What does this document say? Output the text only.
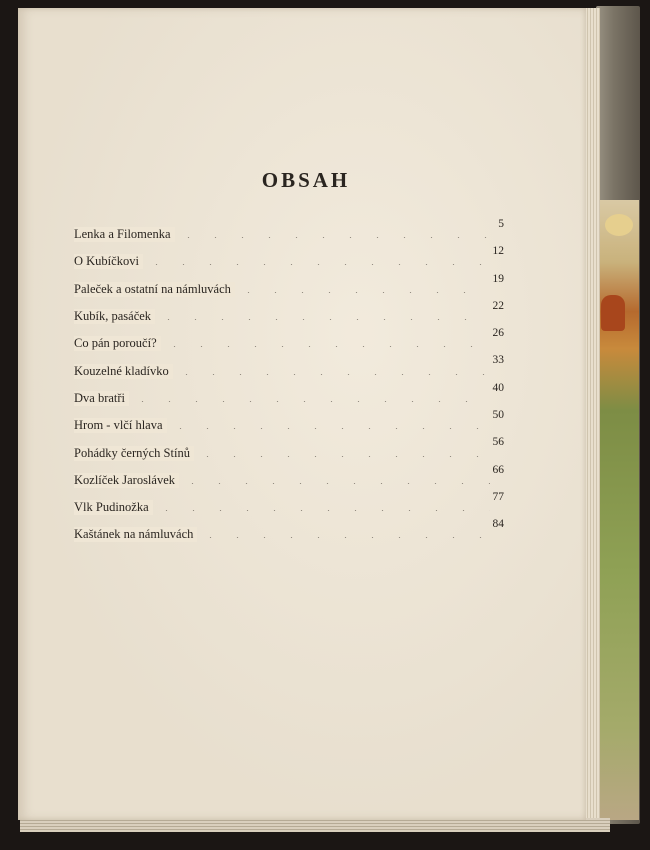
OBSAH
Lenka a Filomenka
5
O Kubíčkovi
12
Paleček a ostatní na námluvách
19
Kubík, pasáček
22
Co pán poroučí?
26
Kouzelné kladívko
33
Dva bratři
40
Hrom - vlčí hlava
50
Pohádky černých Stínů
56
Kozlíček Jaroslávek
66
Vlk Pudinožka
77
Kaštánek na námluvách
84
